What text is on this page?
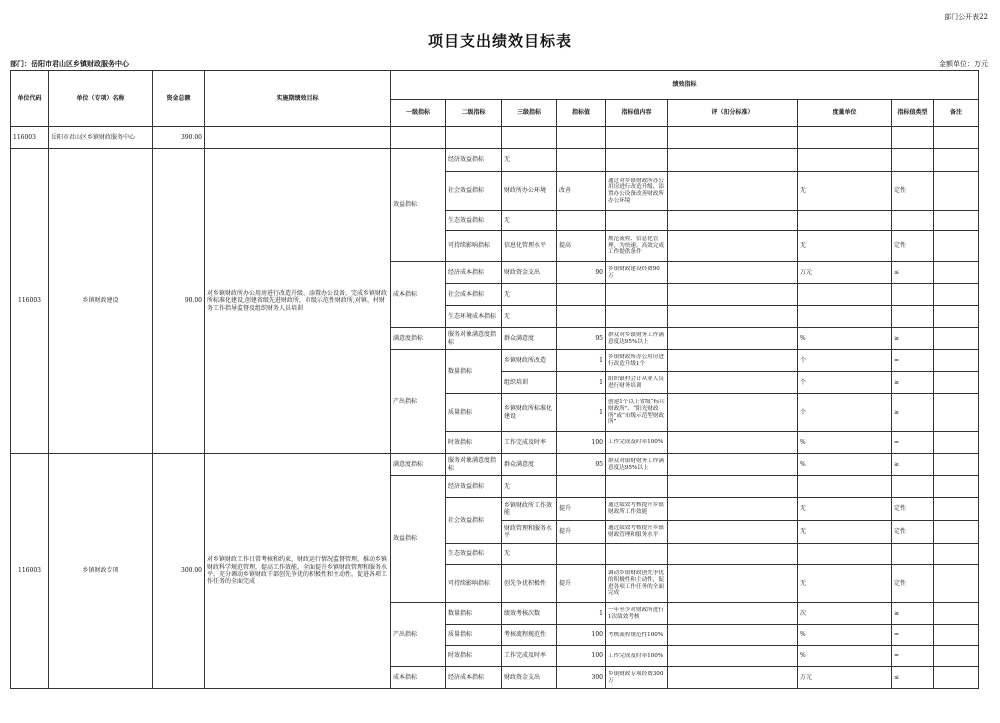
部门公开表22
项目支出绩效目标表
部门：岳阳市君山区乡镇财政服务中心	金额单位：万元
单位代码	单位（专项）名称	资金总额	实施期绩效目标	绩效指标								
				一级指标	二级指标	三级指标	指标值	指标值内容	评（扣分标准）	度量单位	指标值类型	备注
116003	岳阳市君山区乡镇财政服务中心	390.00										
116003	乡镇财政建设	90.00	对乡镇财政所办公用房进行改造升级、添置办公设备，完成乡镇财政所标准化建设,创建省级先进财政所，市级示范性财政所,对镇、村财务工作指导监督及组织财务人员培训	效益指标	经济效益指标	无		

					社会效益指标	财政所办公环境	改善	通过对乡镇财政所办公用房进行改造升级、添置办公设备改善财政所办公环境		无	定性	
					生态效益指标	无		

					可持续影响指标	信息化管理水平	提高	规范流程、信息化管理，为快速、高效完成工作提供条件		无	定性	
				成本指标	经济成本指标	财政资金支出	90	乡镇财政建设经费90万		万元	≤	
					社会成本指标	无		

					生态环境成本指标	无		

				满意度指标	服务对象满意度指标	群众满意度	95	群众对乡镇财务工作满意度达95%以上		%	≥	
				产出指标	数量指标	乡镇财政所改造	1	乡镇财政所办公用房进行改造升级1个		个	=	
						组织培训	1	组织镇村会计从业人员进行财务培训		个	≥	
					质量指标	乡镇财政所标准化建设	1	创建1个以上省级“标兵财政所”、“阳光财政所”或“市级示范型财政所”		个	≥	
					时效指标	工作完成及时率	100	工作完成及时率100%		%	=	
116003	乡镇财政专项	300.00	对乡镇财政工作日常考核和约束、财政运行情况监督管理，推动乡镇财政科学规范管理，提高工作效能，全面提升乡镇财政管理和服务水平，充分调动乡镇财政干部创先争优的积极性和主动性，促进各项工作任务的全面完成	满意度指标	服务对象满意度指标	群众满意度	95	群众对镇财财务工作满意度达95%以上		%	≥	
				效益指标	经济效益指标	无		

					社会效益指标	乡镇财政所工作效能	提升	通过绩效考核提升乡镇财政所工作效能		无	定性	
						财政管理和服务水平	提升	通过绩效考核提升乡镇财政管理和服务水平		无	定性	
					生态效益指标	无		

					可持续影响指标	创先争优积极性	提升	调动乡镇财政创先争优的积极性和主动性，促进各项工作任务的全面完成		无	定性	
				产出指标	数量指标	绩效考核次数	1	一年至少对财政所进行1次绩效考核		次	≥	
					质量指标	考核流程规范性	100	考核流程规范性100%		%	=	
					时效指标	工作完成及时率	100	工作完成及时率100%		%	=	
				成本指标	经济成本指标	财政资金支出	300	乡镇财政专项经费300万		万元	≤	
